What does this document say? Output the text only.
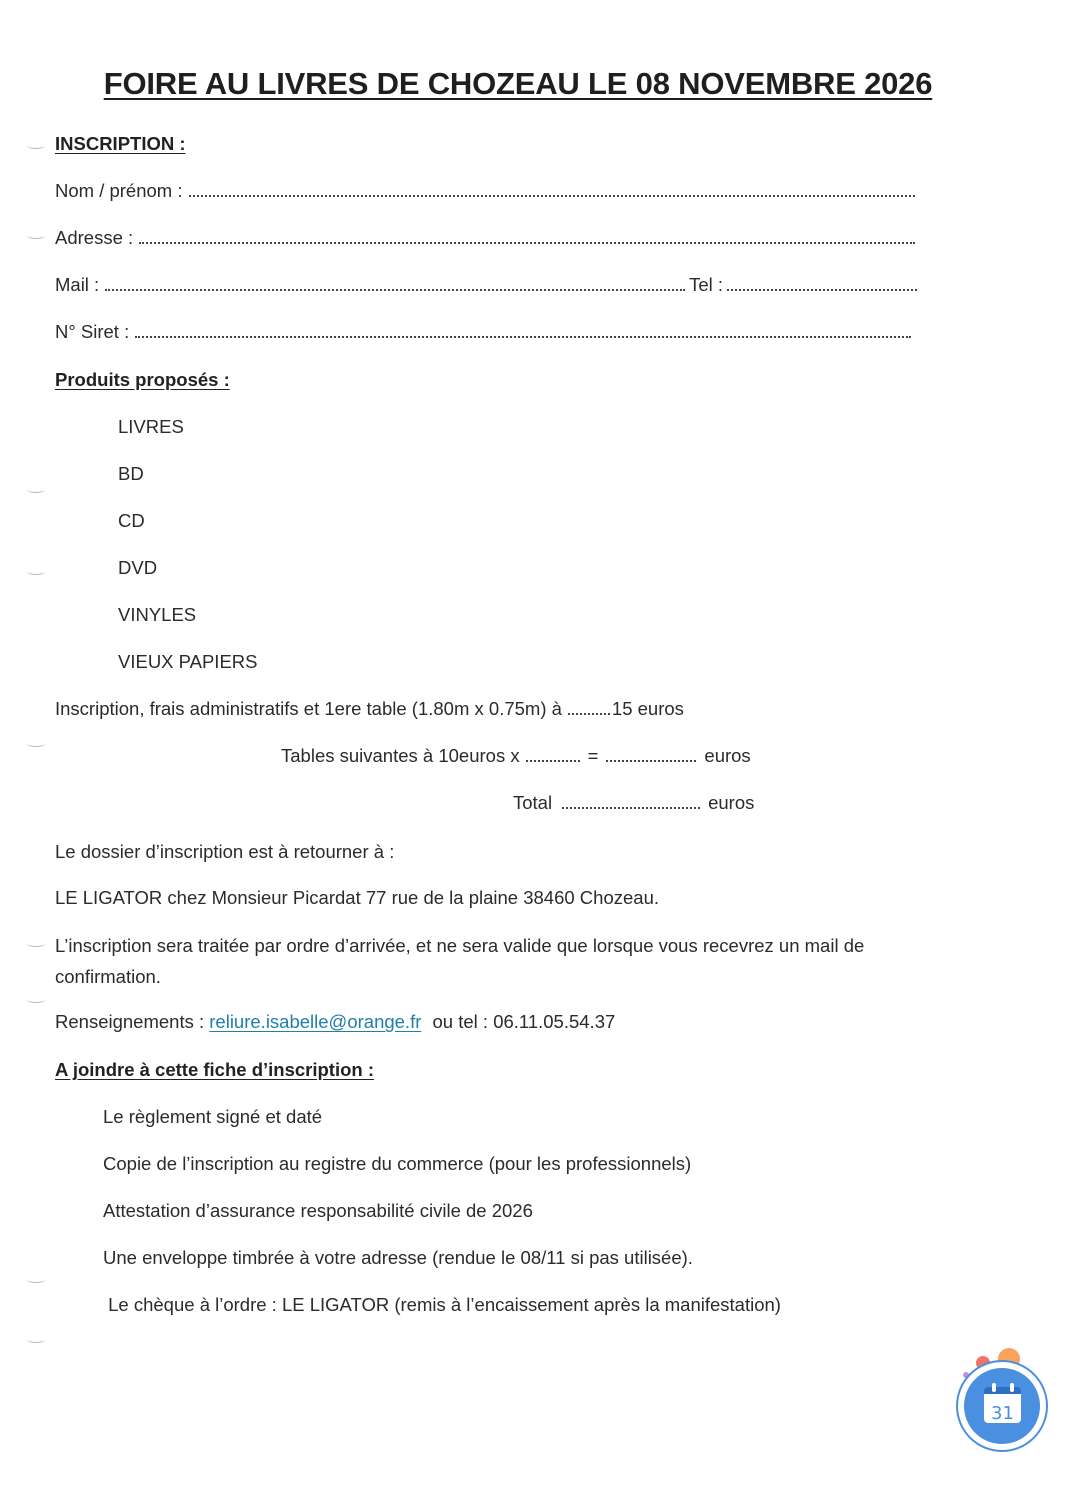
FOIRE AU LIVRES DE CHOZEAU LE 08 NOVEMBRE 2026
INSCRIPTION :
Nom / prénom :
Adresse :
Mail :	Tel :
N° Siret :
Produits proposés :
LIVRES
BD
CD
DVD
VINYLES
VIEUX PAPIERS
Inscription, frais administratifs et 1ere table (1.80m x 0.75m) à	15 euros
Tables suivantes à 10euros x	=	euros
Total	euros
Le dossier d’inscription est à retourner à :
LE LIGATOR chez Monsieur Picardat 77 rue de la plaine 38460 Chozeau.
L’inscription sera traitée par ordre d’arrivée, et ne sera valide que lorsque vous recevrez un mail de confirmation.
Renseignements : reliure.isabelle@orange.fr ou tel : 06.11.05.54.37
A joindre à cette fiche d’inscription :
Le règlement signé et daté
Copie de l’inscription au registre du commerce (pour les professionnels)
Attestation d’assurance responsabilité civile de 2026
Une enveloppe timbrée à votre adresse (rendue le 08/11 si pas utilisée).
Le chèque à l’ordre : LE LIGATOR (remis à l’encaissement après la manifestation)
31
